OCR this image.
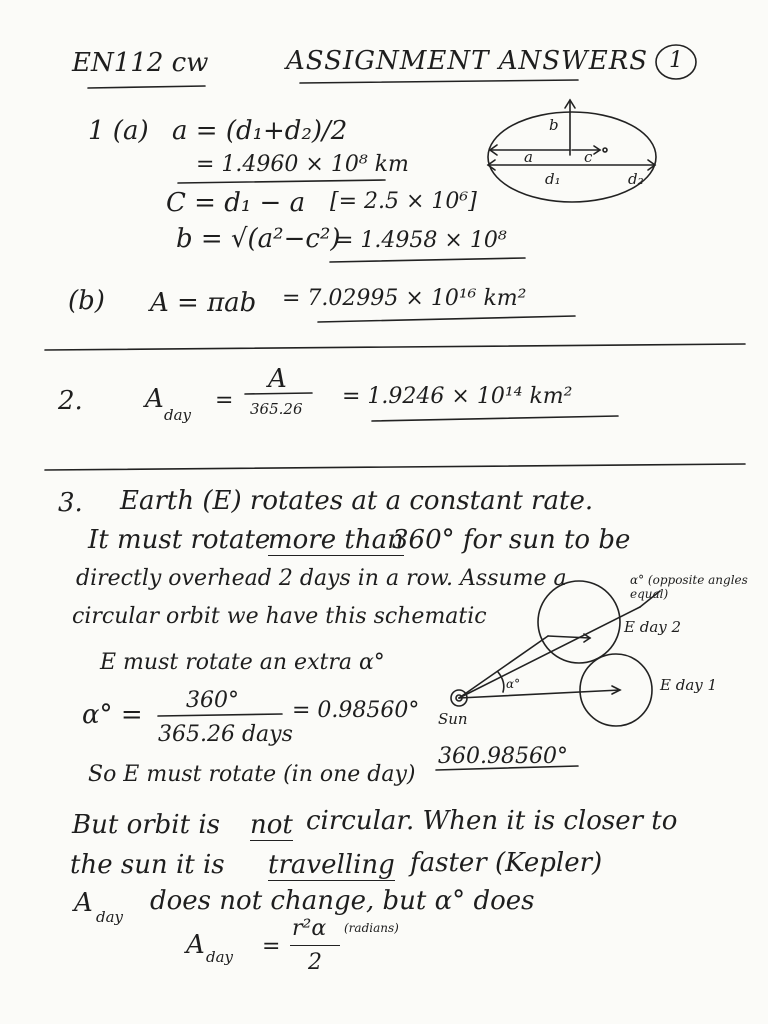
EN112 cw	ASSIGNMENT ANSWERS 1
1 (a) a = (d₁+d₂)/2
= 1.4960 × 10⁸ km
C = d₁ − a [= 2.5 × 10⁶]
b = √(a²−c²)
= 1.4958 × 10⁸
b
a	c
d₁	d₂
(b) A = πab = 7.02995 × 10¹⁶ km²
2. A
day
=
A
365.26 = 1.9246 × 10¹⁴ km²
3. Earth (E) rotates at a constant rate.
It must rotate
more than
360° for sun to be
directly overhead 2 days in a row. Assume a
circular orbit we have this schematic
E must rotate an extra α°
α° (opposite angles equal)
E day 2
E day 1
Sun
α°
α° = 360°
365.26 days
= 0.98560°
So E must rotate (in one day)
360.98560°
But orbit is not circular. When it is closer to
the sun it is travelling faster (Kepler)
A day
does not change, but α° does
A day =
r²α (radians)
2
